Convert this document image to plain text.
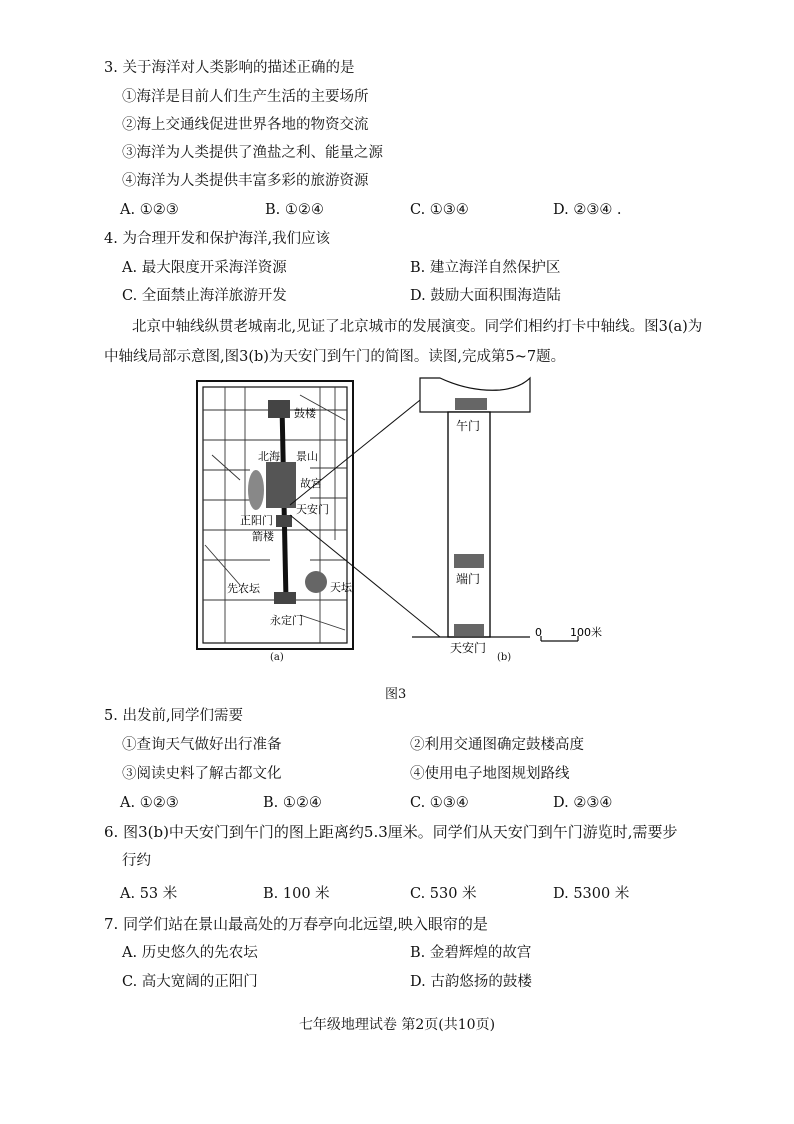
3. 关于海洋对人类影响的描述正确的是
①海洋是目前人们生产生活的主要场所
②海上交通线促进世界各地的物资交流
③海洋为人类提供了渔盐之利、能量之源
④海洋为人类提供丰富多彩的旅游资源
A. ①②③	B. ①②④	C. ①③④	D. ②③④ .
4. 为合理开发和保护海洋,我们应该
A. 最大限度开采海洋资源	B. 建立海洋自然保护区
C. 全面禁止海洋旅游开发	D. 鼓励大面积围海造陆
北京中轴线纵贯老城南北,见证了北京城市的发展演变。同学们相约打卡中轴线。图3(a)为中轴线局部示意图,图3(b)为天安门到午门的简图。读图,完成第5~7题。
鼓楼
北海 景山
故宫
天安门
正阳门
箭楼
先农坛	天坛
永定门
午门
端门
天安门
0	100米
(a)	(b)
图3
5. 出发前,同学们需要
①查询天气做好出行准备	②利用交通图确定鼓楼高度
③阅读史料了解古都文化	④使用电子地图规划路线
A. ①②③	B. ①②④	C. ①③④	D. ②③④
6. 图3(b)中天安门到午门的图上距离约5.3厘米。同学们从天安门到午门游览时,需要步
行约
A. 53 米	B. 100 米	C. 530 米	D. 5300 米
7. 同学们站在景山最高处的万春亭向北远望,映入眼帘的是
A. 历史悠久的先农坛	B. 金碧辉煌的故宫
C. 高大宽阔的正阳门	D. 古韵悠扬的鼓楼
七年级地理试卷 第2页(共10页)
